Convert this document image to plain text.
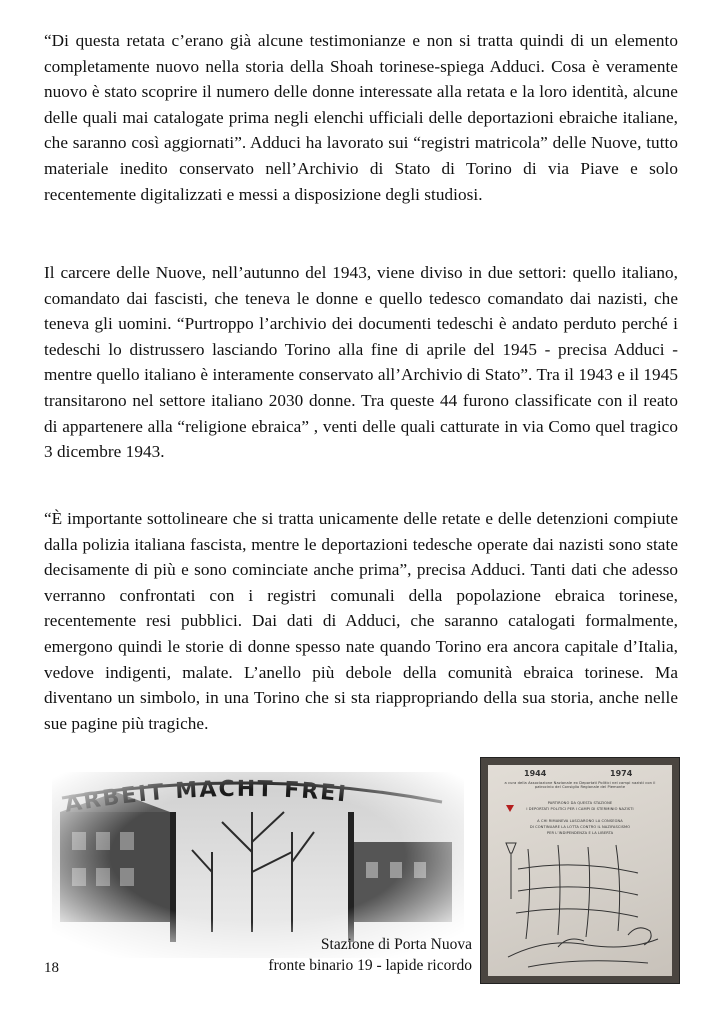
“Di questa retata c’erano già alcune testimonianze e non si tratta quindi di un elemento completamente nuovo nella storia della Shoah torinese-spiega Adduci. Cosa è veramente nuovo è stato scoprire il numero delle donne interessate alla retata e la loro identità, alcune delle quali mai catalogate prima negli elenchi ufficiali delle deportazioni ebraiche italiane, che saranno così aggiornati”. Adduci ha lavorato sui “registri matricola” delle Nuove, tutto materiale inedito conservato nell’Archivio di Stato di Torino di via Piave e solo recentemente digitalizzati e messi a disposizione degli studiosi.

Il carcere delle Nuove, nell’autunno del 1943, viene diviso in due settori: quello italiano, comandato dai fascisti, che teneva le donne e quello tedesco comandato dai nazisti, che teneva gli uomini. “Purtroppo l’archivio dei documenti tedeschi è andato perduto perché i tedeschi lo distrussero lasciando Torino alla fine di aprile del 1945 - precisa Adduci - mentre quello italiano è interamente conservato all’Archivio di Stato”. Tra il 1943 e il 1945 transitarono nel settore italiano 2030 donne. Tra queste 44 furono classificate con il reato di appartenere alla “religione ebraica” , venti delle quali catturate in via Como quel tragico 3 dicembre 1943.

“È importante sottolineare che si tratta unicamente delle retate e delle detenzioni compiute dalla polizia italiana fascista, mentre le deportazioni tedesche operate dai nazisti sono state decisamente di più e sono cominciate anche prima”, precisa Adduci. Tanti dati che adesso verranno confrontati con i registri comunali della popolazione ebraica torinese, recentemente resi pubblici. Dai dati di Adduci, che saranno catalogati formalmente, emergono quindi le storie di donne spesso nate quando Torino era ancora capitale d’Italia, vedove indigenti, malate. L’anello più debole della comunità ebraica torinese. Ma diventano un simbolo, in una Torino che si sta riappropriando della sua storia, anche nelle sue pagine più tragiche.

Stazione di Porta Nuova

fronte binario 19 - lapide ricordo

18
1944	1974
a cura della Associazione Nazionale ex Deportati Politici nei campi nazisti con il patrocinio del Consiglio Regionale del Piemonte
PARTIRONO DA QUESTA STAZIONE
I DEPORTATI POLITICI PER I CAMPI DI STERMINIO NAZISTI
A CHI RIMANEVA LASCIARONO LA CONSEGNA
DI CONTINUARE LA LOTTA CONTRO IL NAZIFASCISMO
PER L’INDIPENDENZA E LA LIBERTA
